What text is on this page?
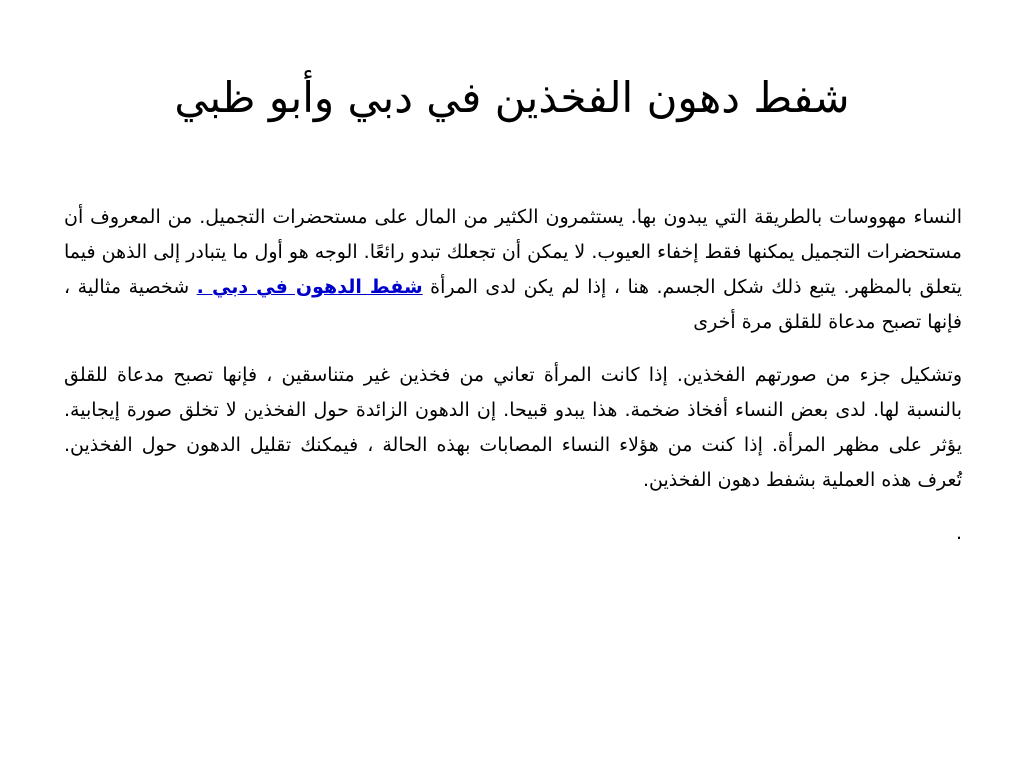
شفط دهون الفخذين في دبي وأبو ظبي

النساء مهووسات بالطريقة التي يبدون بها. يستثمرون الكثير من المال على مستحضرات التجميل. من المعروف أن مستحضرات التجميل يمكنها فقط إخفاء العيوب. لا يمكن أن تجعلك تبدو رائعًا. الوجه هو أول ما يتبادر إلى الذهن فيما يتعلق بالمظهر. يتبع ذلك شكل الجسم. هنا ، إذا لم يكن لدى المرأة شفط الدهون في دبي . شخصية مثالية ، فإنها تصبح مدعاة للقلق مرة أخرى

وتشكيل جزء من صورتهم الفخذين. إذا كانت المرأة تعاني من فخذين غير متناسقين ، فإنها تصبح مدعاة للقلق بالنسبة لها. لدى بعض النساء أفخاذ ضخمة. هذا يبدو قبيحا. إن الدهون الزائدة حول الفخذين لا تخلق صورة إيجابية. يؤثر على مظهر المرأة. إذا كنت من هؤلاء النساء المصابات بهذه الحالة ، فيمكنك تقليل الدهون حول الفخذين. تُعرف هذه العملية بشفط دهون الفخذين.

.
